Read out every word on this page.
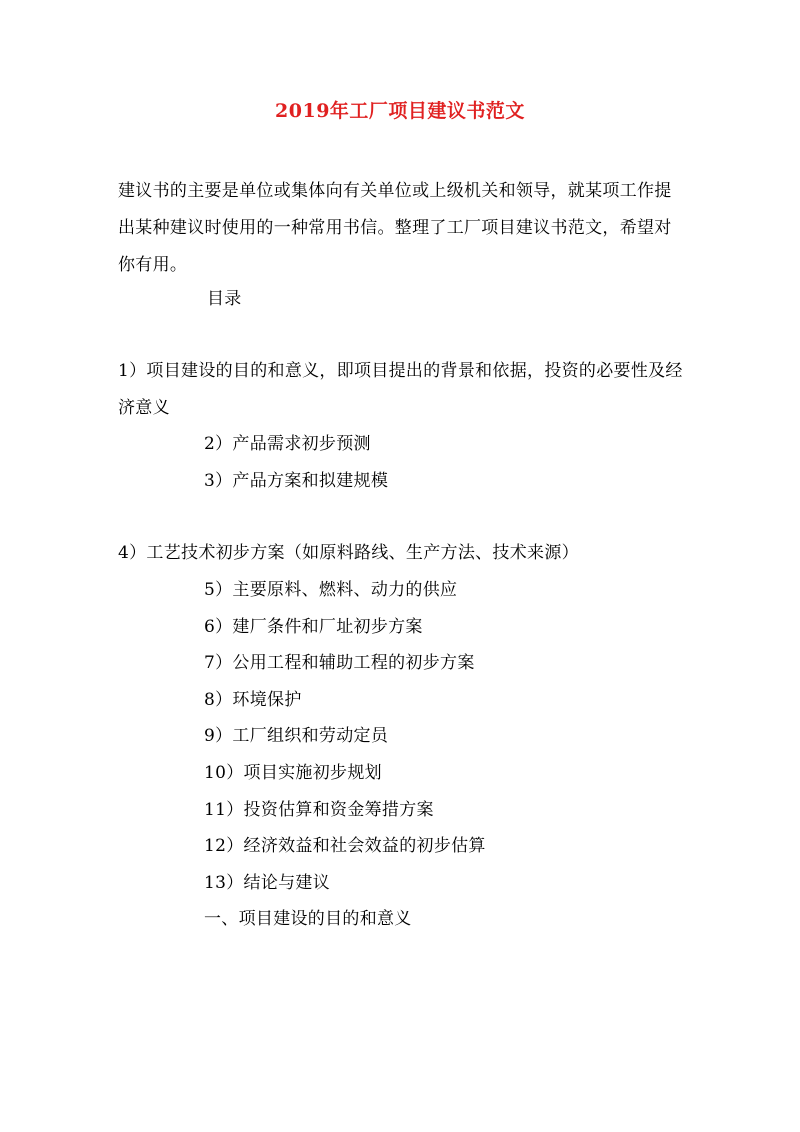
2019年工厂项目建议书范文

建议书的主要是单位或集体向有关单位或上级机关和领导，就某项工作提出某种建议时使用的一种常用书信。整理了工厂项目建议书范文，希望对你有用。

目录
1）项目建设的目的和意义，即项目提出的背景和依据，投资的必要性及经济意义
2）产品需求初步预测
3）产品方案和拟建规模
4）工艺技术初步方案（如原料路线、生产方法、技术来源）
5）主要原料、燃料、动力的供应
6）建厂条件和厂址初步方案
7）公用工程和辅助工程的初步方案
8）环境保护
9）工厂组织和劳动定员
10）项目实施初步规划
11）投资估算和资金筹措方案
12）经济效益和社会效益的初步估算
13）结论与建议
一、项目建设的目的和意义
